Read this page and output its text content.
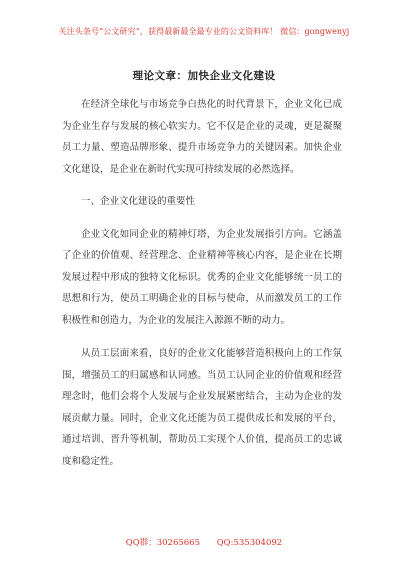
关注头条号“公文研究”，获得最新最全最专业的公文资料库！ 微信：gongwenyj
理论文章：加快企业文化建设

在经济全球化与市场竞争白热化的时代背景下，企业文化已成为企业生存与发展的核心软实力。它不仅是企业的灵魂，更是凝聚员工力量、塑造品牌形象、提升市场竞争力的关键因素。加快企业文化建设，是企业在新时代实现可持续发展的必然选择。

一、企业文化建设的重要性

企业文化如同企业的精神灯塔，为企业发展指引方向。它涵盖了企业的价值观、经营理念、企业精神等核心内容，是企业在长期发展过程中形成的独特文化标识。优秀的企业文化能够统一员工的思想和行为，使员工明确企业的目标与使命，从而激发员工的工作积极性和创造力，为企业的发展注入源源不断的动力。

从员工层面来看，良好的企业文化能够营造积极向上的工作氛围，增强员工的归属感和认同感。当员工认同企业的价值观和经营理念时，他们会将个人发展与企业发展紧密结合，主动为企业的发展贡献力量。同时，企业文化还能为员工提供成长和发展的平台，通过培训、晋升等机制，帮助员工实现个人价值，提高员工的忠诚度和稳定性。

QQ群：30265665 QQ:535304092
